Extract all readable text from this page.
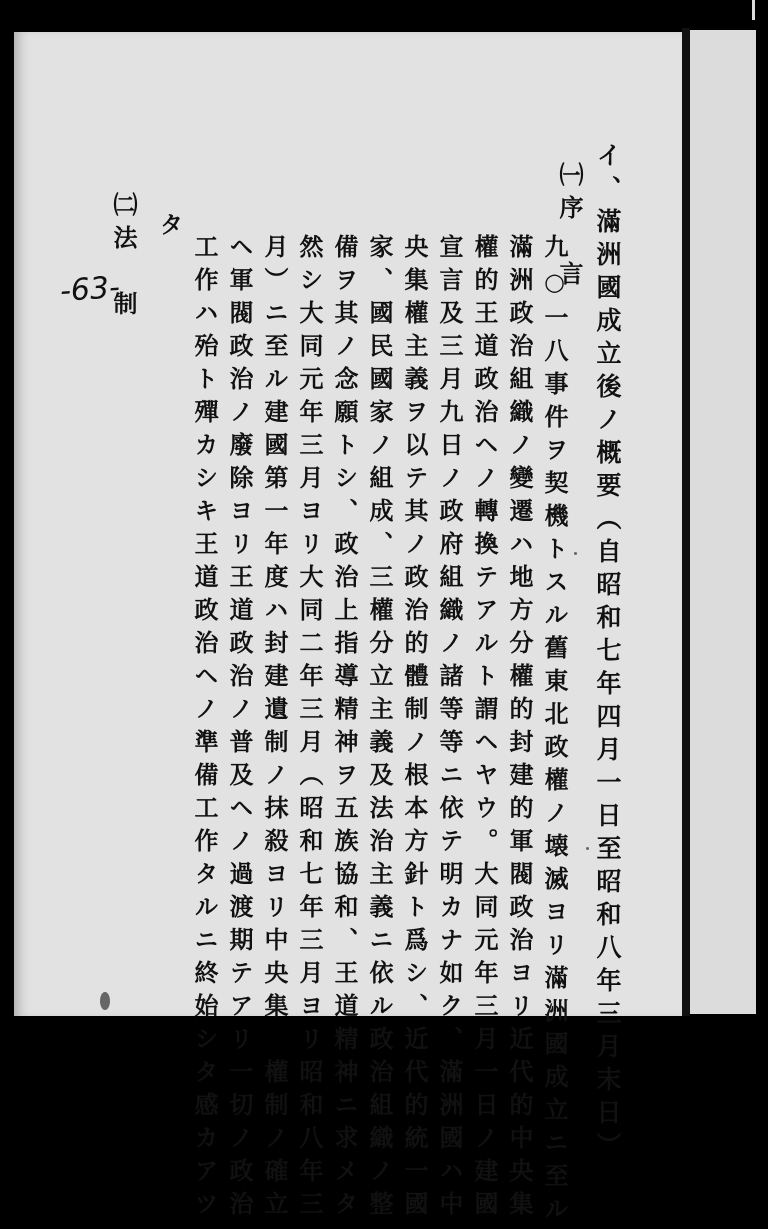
イ、滿洲國成立後ノ概要（自昭和七年四月一日至昭和八年三月末日）
㈠序　言
九○一八事件ヲ契機トスル舊東北政權ノ壊滅ヨリ滿洲國成立ニ至ル
滿洲政治組織ノ變遷ハ地方分權的封建的軍閥政治ヨリ近代的中央集
權的王道政治ヘノ轉換テアルト謂ヘヤウ。大同元年三月一日ノ建國
宣言及三月九日ノ政府組織ノ諸等等ニ依テ明カナ如ク、滿洲國ハ中
央集權主義ヲ以テ其ノ政治的體制ノ根本方針ト爲シ、近代的統一國
家、國民國家ノ組成、三權分立主義及法治主義ニ依ル政治組織ノ整
備ヲ其ノ念願トシ、政治上指導精神ヲ五族協和、王道精神ニ求メタ
然シ大同元年三月ヨリ大同二年三月（昭和七年三月ヨリ昭和八年三
月）ニ至ル建國第一年度ハ封建遺制ノ抹殺ヨリ中央集　權制ノ確立
ヘ軍閥政治ノ廢除ヨリ王道政治ノ普及ヘノ過渡期テアリ一切ノ政治
工作ハ殆ト殫カシキ王道政治ヘノ準備工作タルニ終始シタ感カアツ
タ
㈡法　制
-63-
